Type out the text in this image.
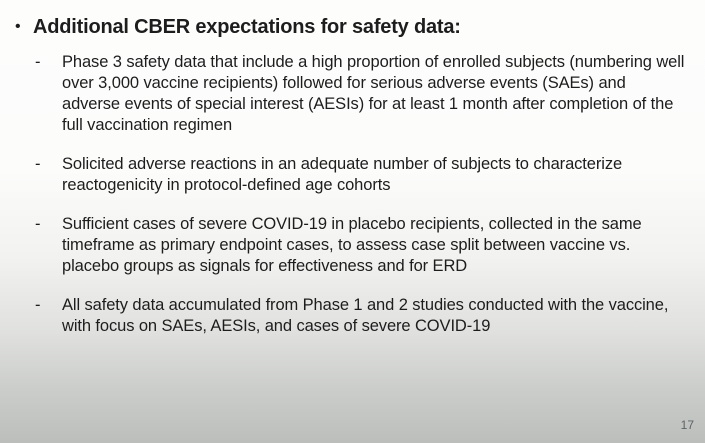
• Additional CBER expectations for safety data:
-	Phase 3 safety data that include a high proportion of enrolled subjects (numbering well over 3,000 vaccine recipients) followed for serious adverse events (SAEs) and adverse events of special interest (AESIs) for at least 1 month after completion of the full vaccination regimen
-	Solicited adverse reactions in an adequate number of subjects to characterize reactogenicity in protocol-defined age cohorts
-	Sufficient cases of severe COVID-19 in placebo recipients, collected in the same timeframe as primary endpoint cases, to assess case split between vaccine vs. placebo groups as signals for effectiveness and for ERD
-	All safety data accumulated from Phase 1 and 2 studies conducted with the vaccine, with focus on SAEs, AESIs, and cases of severe COVID-19
17
